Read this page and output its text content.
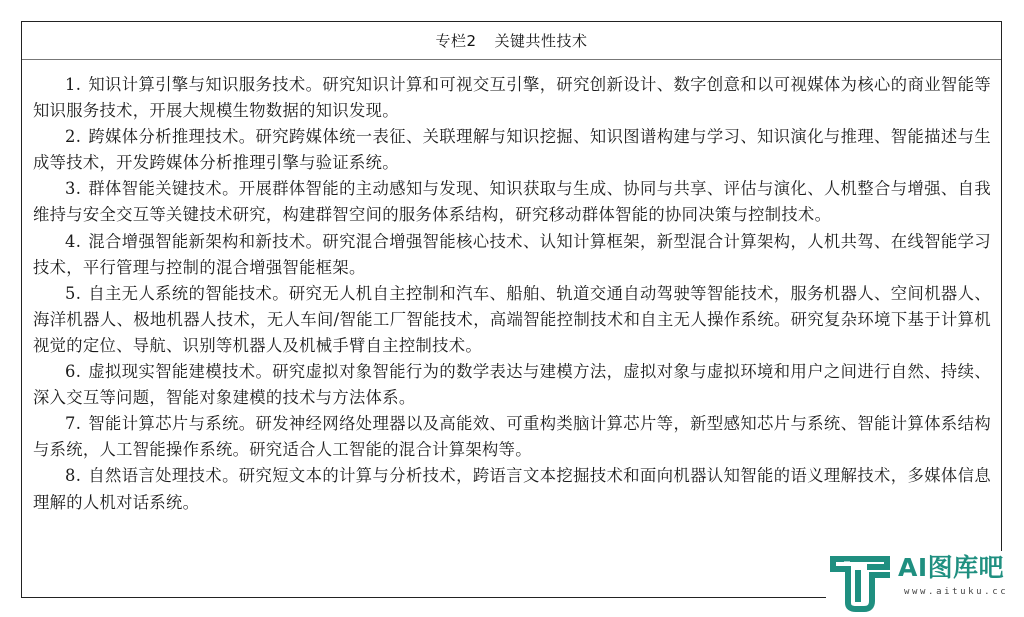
专栏2 关键共性技术

1. 知识计算引擎与知识服务技术。研究知识计算和可视交互引擎，研究创新设计、数字创意和以可视媒体为核心的商业智能等知识服务技术，开展大规模生物数据的知识发现。

2. 跨媒体分析推理技术。研究跨媒体统一表征、关联理解与知识挖掘、知识图谱构建与学习、知识演化与推理、智能描述与生成等技术，开发跨媒体分析推理引擎与验证系统。

3. 群体智能关键技术。开展群体智能的主动感知与发现、知识获取与生成、协同与共享、评估与演化、人机整合与增强、自我维持与安全交互等关键技术研究，构建群智空间的服务体系结构，研究移动群体智能的协同决策与控制技术。

4. 混合增强智能新架构和新技术。研究混合增强智能核心技术、认知计算框架，新型混合计算架构，人机共驾、在线智能学习技术，平行管理与控制的混合增强智能框架。

5. 自主无人系统的智能技术。研究无人机自主控制和汽车、船舶、轨道交通自动驾驶等智能技术，服务机器人、空间机器人、海洋机器人、极地机器人技术，无人车间/智能工厂智能技术，高端智能控制技术和自主无人操作系统。研究复杂环境下基于计算机视觉的定位、导航、识别等机器人及机械手臂自主控制技术。

6. 虚拟现实智能建模技术。研究虚拟对象智能行为的数学表达与建模方法，虚拟对象与虚拟环境和用户之间进行自然、持续、深入交互等问题，智能对象建模的技术与方法体系。

7. 智能计算芯片与系统。研发神经网络处理器以及高能效、可重构类脑计算芯片等，新型感知芯片与系统、智能计算体系结构与系统，人工智能操作系统。研究适合人工智能的混合计算架构等。

8. 自然语言处理技术。研究短文本的计算与分析技术，跨语言文本挖掘技术和面向机器认知智能的语义理解技术，多媒体信息理解的人机对话系统。

AI图库吧
www.aituku.cc
